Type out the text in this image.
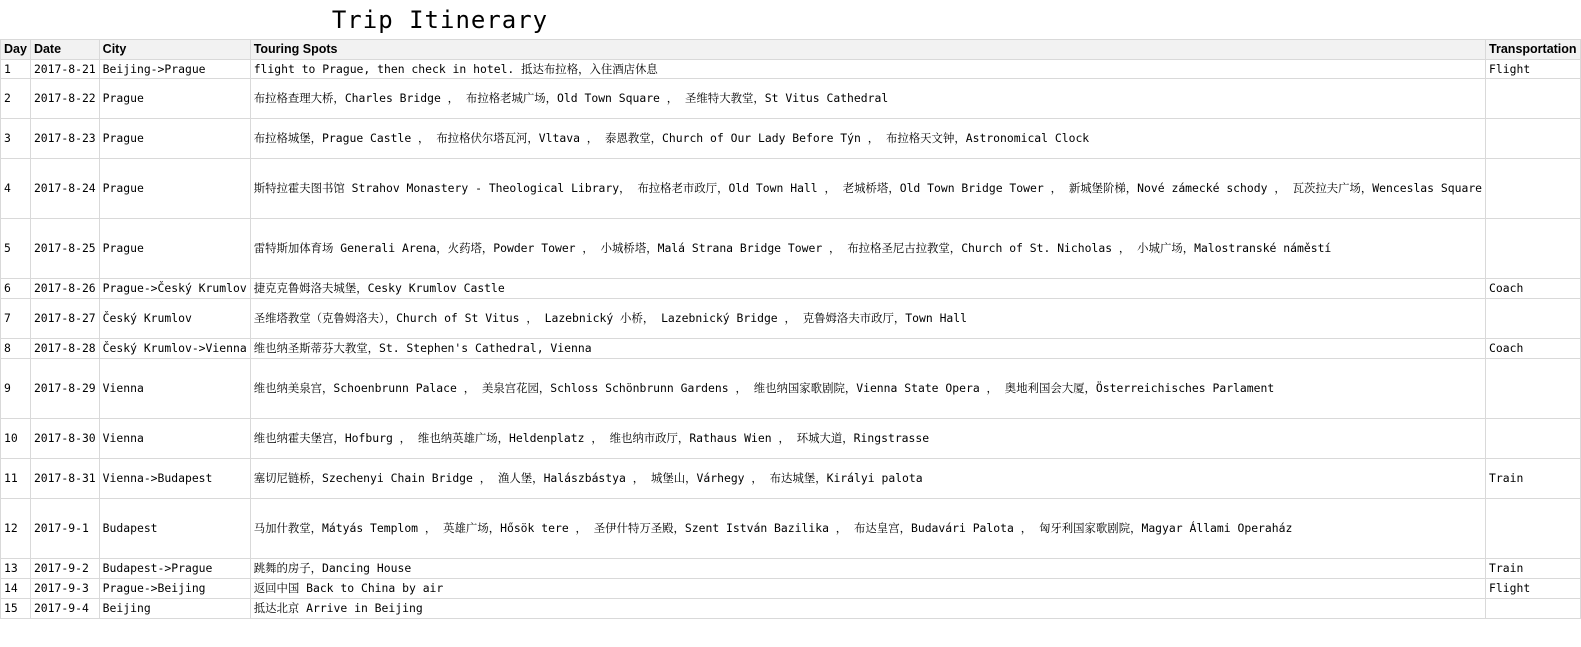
Trip Itinerary
Day	Date	City	Touring Spots	Transportation
1	2017-8-21	Beijing->Prague	flight to Prague, then check in hotel. 抵达布拉格，入住酒店休息	Flight
2	2017-8-22	Prague	布拉格查理大桥，Charles Bridge ， 布拉格老城广场，Old Town Square ， 圣维特大教堂，St Vitus Cathedral	
3	2017-8-23	Prague	布拉格城堡，Prague Castle ， 布拉格伏尔塔瓦河，Vltava ， 泰恩教堂，Church of Our Lady Before Týn ， 布拉格天文钟，Astronomical Clock	
4	2017-8-24	Prague	斯特拉霍夫图书馆 Strahov Monastery - Theological Library， 布拉格老市政厅，Old Town Hall ， 老城桥塔，Old Town Bridge Tower ， 新城堡阶梯，Nové zámecké schody ， 瓦茨拉夫广场，Wenceslas Square	
5	2017-8-25	Prague	雷特斯加体育场 Generali Arena，火药塔，Powder Tower ， 小城桥塔，Malá Strana Bridge Tower ， 布拉格圣尼古拉教堂，Church of St. Nicholas ， 小城广场，Malostranské náměstí	
6	2017-8-26	Prague->Český Krumlov	捷克克鲁姆洛夫城堡，Cesky Krumlov Castle	Coach
7	2017-8-27	Český Krumlov	圣维塔教堂（克鲁姆洛夫），Church of St Vitus ， Lazebnický 小桥， Lazebnický Bridge ， 克鲁姆洛夫市政厅，Town Hall	
8	2017-8-28	Český Krumlov->Vienna	维也纳圣斯蒂芬大教堂，St. Stephen's Cathedral, Vienna	Coach
9	2017-8-29	Vienna	维也纳美泉宫，Schoenbrunn Palace ， 美泉宫花园，Schloss Schönbrunn Gardens ， 维也纳国家歌剧院，Vienna State Opera ， 奥地利国会大厦，Österreichisches Parlament	
10	2017-8-30	Vienna	维也纳霍夫堡宫，Hofburg ， 维也纳英雄广场，Heldenplatz ， 维也纳市政厅，Rathaus Wien ， 环城大道，Ringstrasse	
11	2017-8-31	Vienna->Budapest	塞切尼链桥，Szechenyi Chain Bridge ， 渔人堡，Halászbástya ， 城堡山，Várhegy ， 布达城堡，Királyi palota	Train
12	2017-9-1	Budapest	马加什教堂，Mátyás Templom ， 英雄广场，Hősök tere ， 圣伊什特万圣殿，Szent István Bazilika ， 布达皇宫，Budavári Palota ， 匈牙利国家歌剧院，Magyar Állami Operaház	
13	2017-9-2	Budapest->Prague	跳舞的房子，Dancing House	Train
14	2017-9-3	Prague->Beijing	返回中国 Back to China by air	Flight
15	2017-9-4	Beijing	抵达北京 Arrive in Beijing	
